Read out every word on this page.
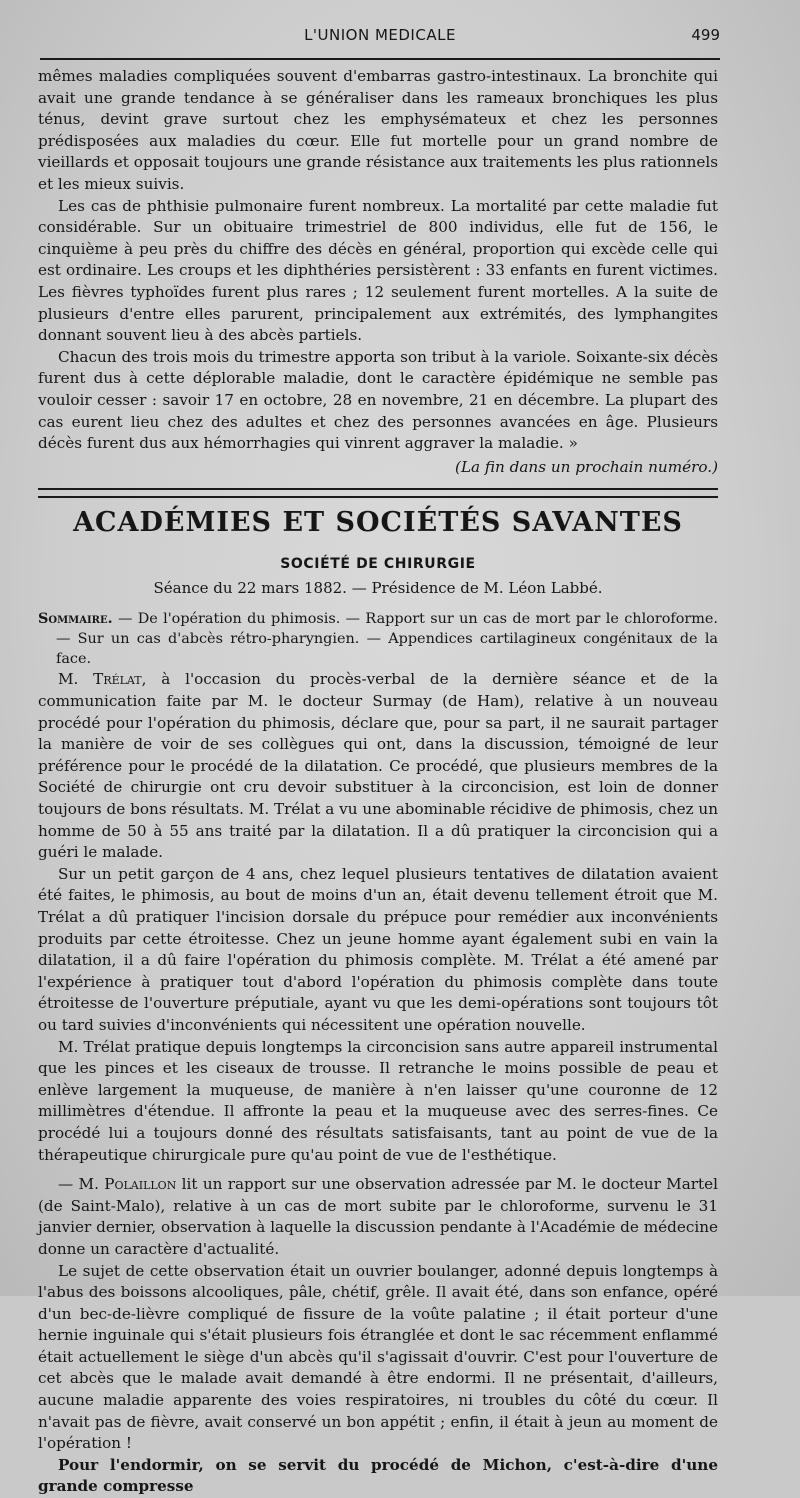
L'UNION MEDICALE	499

mêmes maladies compliquées souvent d'embarras gastro-intestinaux. La bronchite qui avait une grande tendance à se généraliser dans les rameaux bronchiques les plus ténus, devint grave surtout chez les emphysémateux et chez les personnes prédisposées aux maladies du cœur. Elle fut mortelle pour un grand nombre de vieillards et opposait toujours une grande résistance aux traitements les plus rationnels et les mieux suivis.

Les cas de phthisie pulmonaire furent nombreux. La mortalité par cette maladie fut considérable. Sur un obituaire trimestriel de 800 individus, elle fut de 156, le cinquième à peu près du chiffre des décès en général, proportion qui excède celle qui est ordinaire. Les croups et les diphthéries persistèrent : 33 enfants en furent victimes. Les fièvres typhoïdes furent plus rares ; 12 seulement furent mortelles. A la suite de plusieurs d'entre elles parurent, principalement aux extrémités, des lymphangites donnant souvent lieu à des abcès partiels.

Chacun des trois mois du trimestre apporta son tribut à la variole. Soixante-six décès furent dus à cette déplorable maladie, dont le caractère épidémique ne semble pas vouloir cesser : savoir 17 en octobre, 28 en novembre, 21 en décembre. La plupart des cas eurent lieu chez des adultes et chez des personnes avancées en âge. Plusieurs décès furent dus aux hémorrhagies qui vinrent aggraver la maladie. »

(La fin dans un prochain numéro.)

ACADÉMIES ET SOCIÉTÉS SAVANTES
SOCIÉTÉ DE CHIRURGIE
Séance du 22 mars 1882. — Présidence de M. Léon Labbé.

Sommaire. — De l'opération du phimosis. — Rapport sur un cas de mort par le chloroforme. — Sur un cas d'abcès rétro-pharyngien. — Appendices cartilagineux congénitaux de la face.

M. Trélat, à l'occasion du procès-verbal de la dernière séance et de la communication faite par M. le docteur Surmay (de Ham), relative à un nouveau procédé pour l'opération du phimosis, déclare que, pour sa part, il ne saurait partager la manière de voir de ses collègues qui ont, dans la discussion, témoigné de leur préférence pour le procédé de la dilatation. Ce procédé, que plusieurs membres de la Société de chirurgie ont cru devoir substituer à la circoncision, est loin de donner toujours de bons résultats. M. Trélat a vu une abominable récidive de phimosis, chez un homme de 50 à 55 ans traité par la dilatation. Il a dû pratiquer la circoncision qui a guéri le malade.

Sur un petit garçon de 4 ans, chez lequel plusieurs tentatives de dilatation avaient été faites, le phimosis, au bout de moins d'un an, était devenu tellement étroit que M. Trélat a dû pratiquer l'incision dorsale du prépuce pour remédier aux inconvénients produits par cette étroitesse. Chez un jeune homme ayant également subi en vain la dilatation, il a dû faire l'opération du phimosis complète. M. Trélat a été amené par l'expérience à pratiquer tout d'abord l'opération du phimosis complète dans toute étroitesse de l'ouverture préputiale, ayant vu que les demi-opérations sont toujours tôt ou tard suivies d'inconvénients qui nécessitent une opération nouvelle.

M. Trélat pratique depuis longtemps la circoncision sans autre appareil instrumental que les pinces et les ciseaux de trousse. Il retranche le moins possible de peau et enlève largement la muqueuse, de manière à n'en laisser qu'une couronne de 12 millimètres d'étendue. Il affronte la peau et la muqueuse avec des serres-fines. Ce procédé lui a toujours donné des résultats satisfaisants, tant au point de vue de la thérapeutique chirurgicale pure qu'au point de vue de l'esthétique.

— M. Polaillon lit un rapport sur une observation adressée par M. le docteur Martel (de Saint-Malo), relative à un cas de mort subite par le chloroforme, survenu le 31 janvier dernier, observation à laquelle la discussion pendante à l'Académie de médecine donne un caractère d'actualité.

Le sujet de cette observation était un ouvrier boulanger, adonné depuis longtemps à l'abus des boissons alcooliques, pâle, chétif, grêle. Il avait été, dans son enfance, opéré d'un bec-de-lièvre compliqué de fissure de la voûte palatine ; il était porteur d'une hernie inguinale qui s'était plusieurs fois étranglée et dont le sac récemment enflammé était actuellement le siège d'un abcès qu'il s'agissait d'ouvrir. C'est pour l'ouverture de cet abcès que le malade avait demandé à être endormi. Il ne présentait, d'ailleurs, aucune maladie apparente des voies respiratoires, ni troubles du côté du cœur. Il n'avait pas de fièvre, avait conservé un bon appétit ; enfin, il était à jeun au moment de l'opération !

Pour l'endormir, on se servit du procédé de Michon, c'est-à-dire d'une grande compresse
